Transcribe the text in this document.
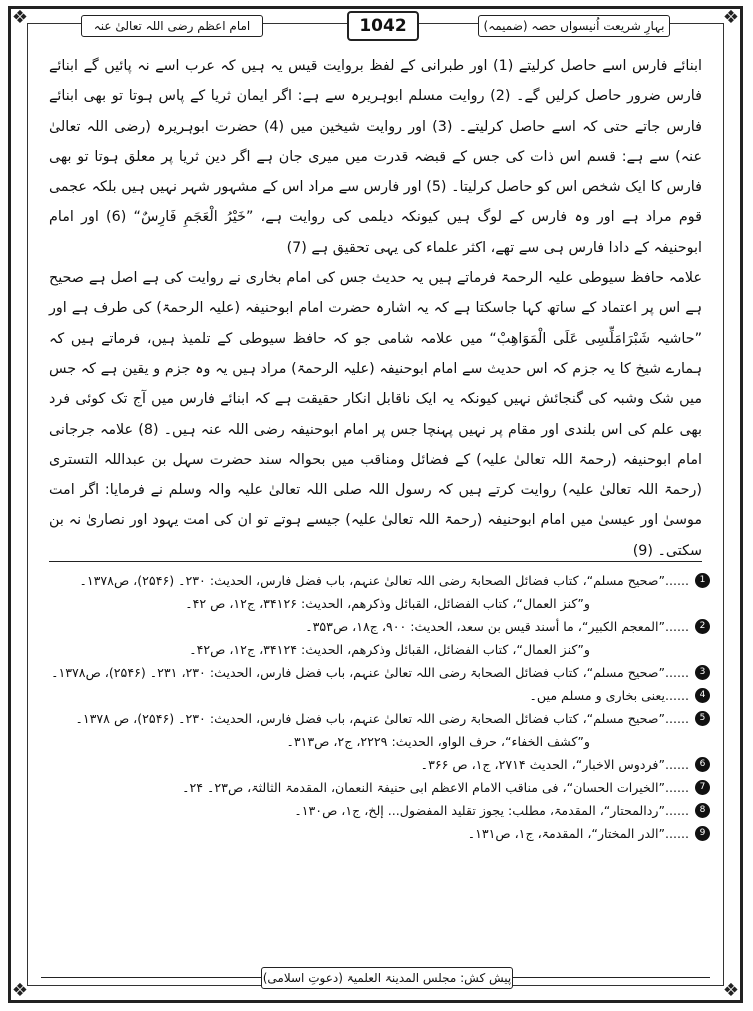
❖	❖
❖	❖
امام اعظم رضی اللہ تعالیٰ عنہ	1042	بہارِ شریعت اُنیسواں حصہ (ضمیمہ)

ابنائے فارس اسے حاصل کرلیتے (1) اور طبرانی کے لفظ بروایت قیس یہ ہیں کہ عرب اسے نہ پائیں گے ابنائے فارس ضرور حاصل کرلیں گے۔ (2) روایت مسلم ابوہریرہ سے ہے: اگر ایمان ثریا کے پاس ہوتا تو بھی ابنائے فارس جاتے حتی کہ اسے حاصل کرلیتے۔ (3) اور روایت شیخین میں (4) حضرت ابوہریرہ (رضی اللہ تعالیٰ عنہ) سے ہے: قسم اس ذات کی جس کے قبضہ قدرت میں میری جان ہے اگر دین ثریا پر معلق ہوتا تو بھی فارس کا ایک شخص اس کو حاصل کرلیتا۔ (5) اور فارس سے مراد اس کے مشہور شہر نہیں ہیں بلکہ عجمی قوم مراد ہے اور وہ فارس کے لوگ ہیں کیونکہ دیلمی کی روایت ہے، ”خَیْرُ الْعَجَمِ فَارِسٌ“ (6) اور امام ابوحنیفہ کے دادا فارس ہی سے تھے، اکثر علماء کی یہی تحقیق ہے (7)

علامہ حافظ سیوطی علیہ الرحمۃ فرماتے ہیں یہ حدیث جس کی امام بخاری نے روایت کی ہے اصل ہے صحیح ہے اس پر اعتماد کے ساتھ کہا جاسکتا ہے کہ یہ اشارہ حضرت امام ابوحنیفہ (علیہ الرحمۃ) کی طرف ہے اور ”حاشیہ شَبْرَامَلِّسِی عَلَی الْمَوَاھِبْ“ میں علامہ شامی جو کہ حافظ سیوطی کے تلمیذ ہیں، فرماتے ہیں کہ ہمارے شیخ کا یہ جزم کہ اس حدیث سے امام ابوحنیفہ (علیہ الرحمۃ) مراد ہیں یہ وہ جزم و یقین ہے کہ جس میں شک وشبہ کی گنجائش نہیں کیونکہ یہ ایک ناقابل انکار حقیقت ہے کہ ابنائے فارس میں آج تک کوئی فرد بھی علم کی اس بلندی اور مقام پر نہیں پہنچا جس پر امام ابوحنیفہ رضی اللہ عنہ ہیں۔ (8) علامہ جرجانی امام ابوحنیفہ (رحمۃ اللہ تعالیٰ علیہ) کے فضائل ومناقب میں بحوالہ سند حضرت سہل بن عبداللہ التستری (رحمۃ اللہ تعالیٰ علیہ) روایت کرتے ہیں کہ رسول اللہ صلی اللہ تعالیٰ علیہ والہ وسلم نے فرمایا: اگر امت موسیٰ اور عیسیٰ میں امام ابوحنیفہ (رحمۃ اللہ تعالیٰ علیہ) جیسے ہوتے تو ان کی امت یہود اور نصاریٰ نہ بن سکتی۔ (9)

1
......”صحیح مسلم“، کتاب فضائل الصحابۃ رضی اللہ تعالیٰ عنہم، باب فضل فارس، الحدیث: ۲۳۰۔ (۲۵۴۶)، ص۱۳۷۸۔
و”کنز العمال“، کتاب الفضائل، القبائل وذکرھم، الحدیث: ۳۴۱۲۶، ج۱۲، ص ۴۲۔
2
......”المعجم الکبیر“، ما أسند قیس بن سعد، الحدیث: ۹۰۰، ج۱۸، ص۳۵۳۔
و”کنز العمال“، کتاب الفضائل، القبائل وذکرھم، الحدیث: ۳۴۱۲۴، ج۱۲، ص۴۲۔
3
......”صحیح مسلم“، کتاب فضائل الصحابۃ رضی اللہ تعالیٰ عنہم، باب فضل فارس، الحدیث: ۲۳۰، ۲۳۱۔ (۲۵۴۶)، ص۱۳۷۸۔
4
......یعنی بخاری و مسلم میں۔
5
......”صحیح مسلم“، کتاب فضائل الصحابۃ رضی اللہ تعالیٰ عنہم، باب فضل فارس، الحدیث: ۲۳۰۔ (۲۵۴۶)، ص ۱۳۷۸۔
و”کشف الخفاء“، حرف الواو، الحدیث: ۲۲۲۹، ج۲، ص۳۱۳۔
6
......”فردوس الاخبار“، الحدیث ۲۷۱۴، ج۱، ص ۳۶۶۔
7
......”الخیرات الحسان“، فی مناقب الامام الاعظم ابی حنیفۃ النعمان، المقدمۃ الثالثۃ، ص۲۳۔ ۲۴۔
8
......”ردالمحتار“، المقدمۃ، مطلب: یجوز تقلید المفضول... إلخ، ج۱، ص۱۳۰۔
9
......”الدر المختار“، المقدمۃ، ج۱، ص۱۳۱۔
پیش کش: مجلس المدینۃ العلمیۃ (دعوتِ اسلامی)
